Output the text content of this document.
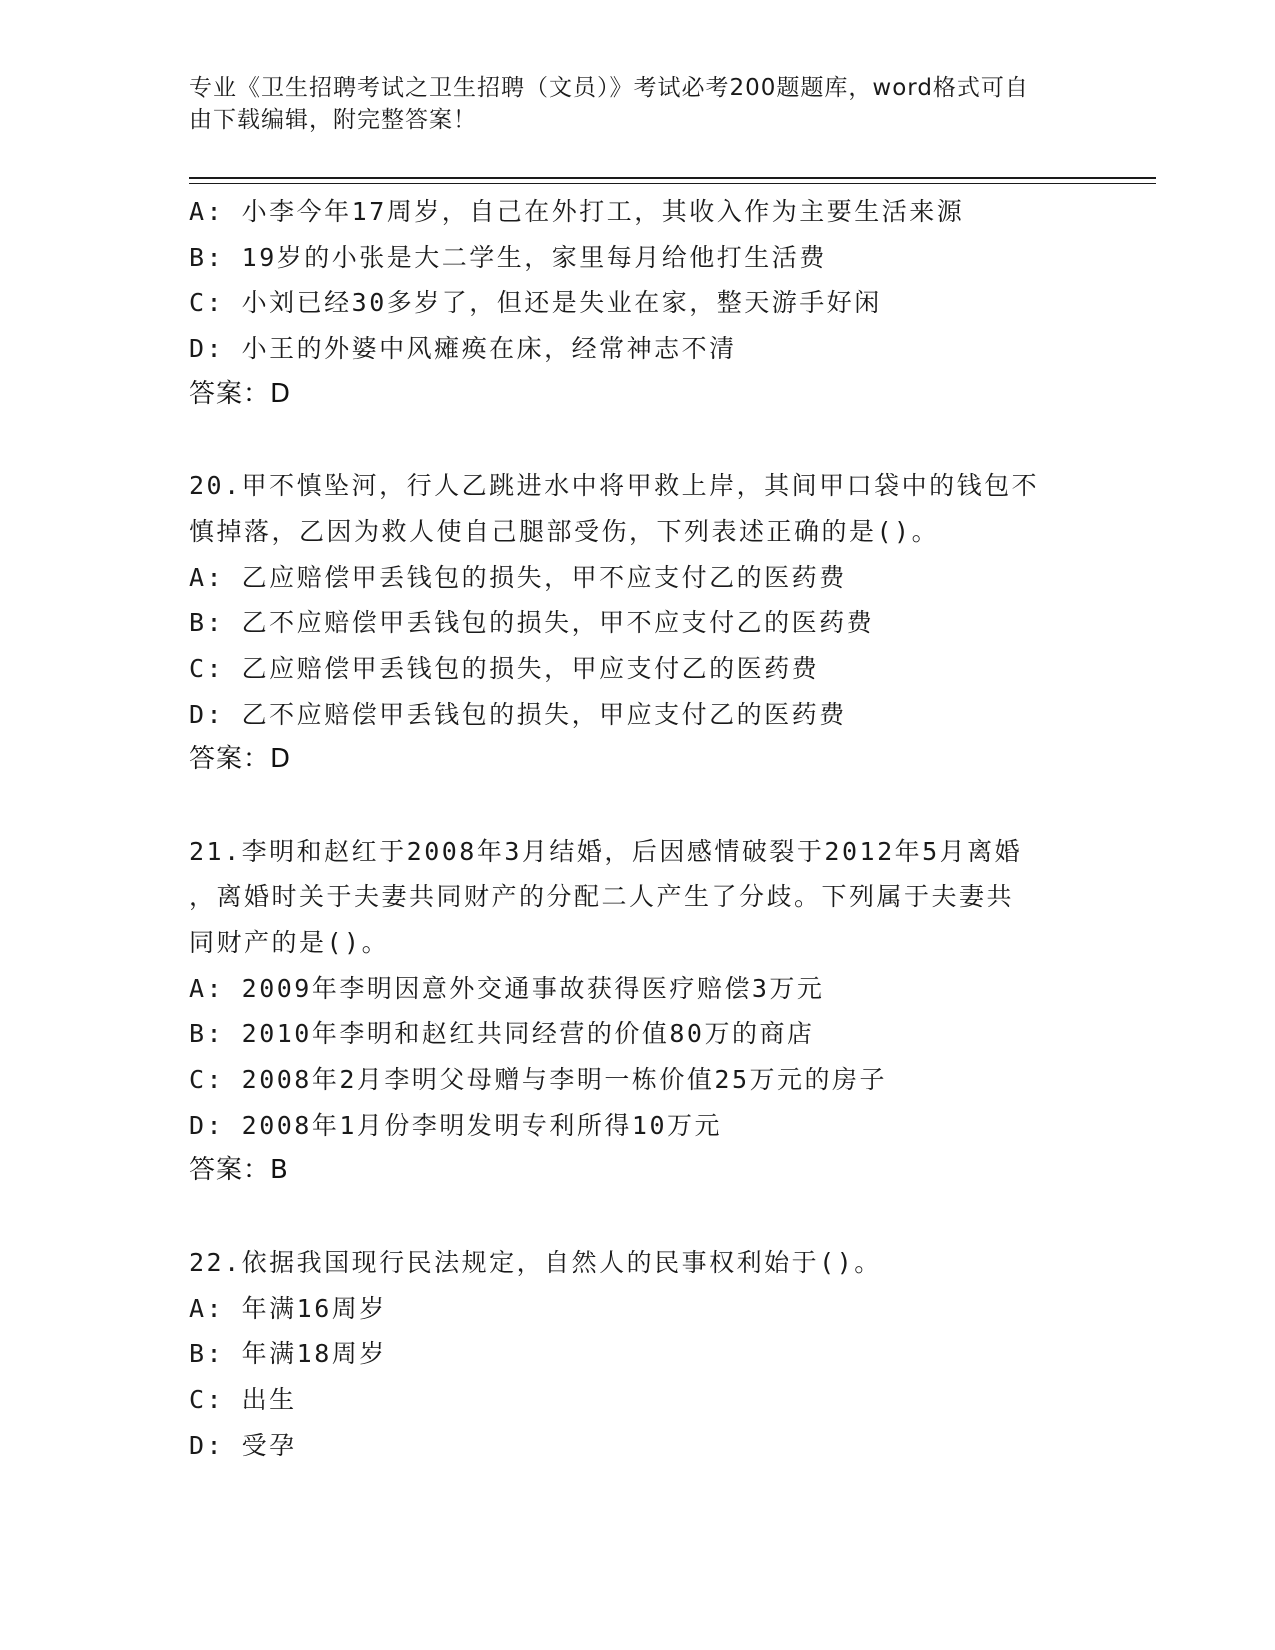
专业《卫生招聘考试之卫生招聘（文员）》考试必考200题题库，word格式可自
由下载编辑，附完整答案！
A: 小李今年17周岁，自己在外打工，其收入作为主要生活来源
B: 19岁的小张是大二学生，家里每月给他打生活费
C: 小刘已经30多岁了，但还是失业在家，整天游手好闲
D: 小王的外婆中风瘫痪在床，经常神志不清
答案：D
20.甲不慎坠河，行人乙跳进水中将甲救上岸，其间甲口袋中的钱包不
慎掉落，乙因为救人使自己腿部受伤，下列表述正确的是()。
A: 乙应赔偿甲丢钱包的损失，甲不应支付乙的医药费
B: 乙不应赔偿甲丢钱包的损失，甲不应支付乙的医药费
C: 乙应赔偿甲丢钱包的损失，甲应支付乙的医药费
D: 乙不应赔偿甲丢钱包的损失，甲应支付乙的医药费
答案：D
21.李明和赵红于2008年3月结婚，后因感情破裂于2012年5月离婚
，离婚时关于夫妻共同财产的分配二人产生了分歧。下列属于夫妻共
同财产的是()。
A: 2009年李明因意外交通事故获得医疗赔偿3万元
B: 2010年李明和赵红共同经营的价值80万的商店
C: 2008年2月李明父母赠与李明一栋价值25万元的房子
D: 2008年1月份李明发明专利所得10万元
答案：B
22.依据我国现行民法规定，自然人的民事权利始于()。
A: 年满16周岁
B: 年满18周岁
C: 出生
D: 受孕
